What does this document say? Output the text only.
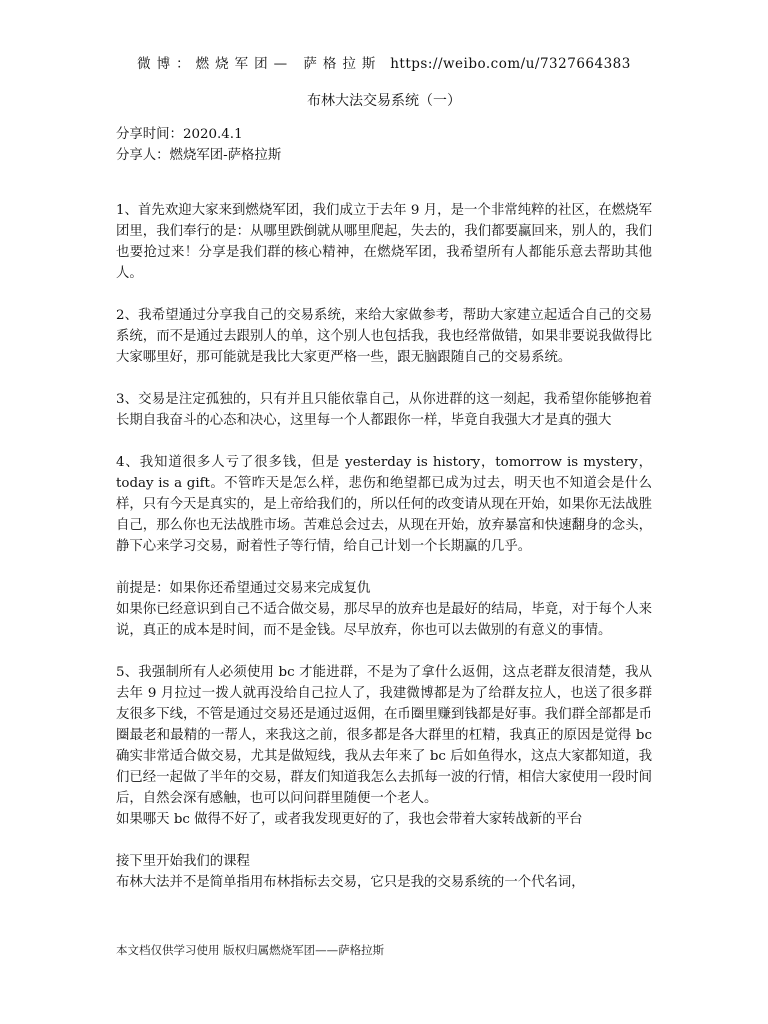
微博：燃烧军团— 萨格拉斯 https://weibo.com/u/7327664383
布林大法交易系统（一）

分享时间：2020.4.1

分享人：燃烧军团-萨格拉斯

1、首先欢迎大家来到燃烧军团，我们成立于去年 9 月，是一个非常纯粹的社区，在燃烧军团里，我们奉行的是：从哪里跌倒就从哪里爬起，失去的，我们都要赢回来，别人的，我们也要抢过来！分享是我们群的核心精神，在燃烧军团，我希望所有人都能乐意去帮助其他人。

2、我希望通过分享我自己的交易系统，来给大家做参考，帮助大家建立起适合自己的交易系统，而不是通过去跟别人的单，这个别人也包括我，我也经常做错，如果非要说我做得比大家哪里好，那可能就是我比大家更严格一些，跟无脑跟随自己的交易系统。

3、交易是注定孤独的，只有并且只能依靠自己，从你进群的这一刻起，我希望你能够抱着长期自我奋斗的心态和决心，这里每一个人都跟你一样，毕竟自我强大才是真的强大

4、我知道很多人亏了很多钱，但是 yesterday is history，tomorrow is mystery，today is a gift。不管昨天是怎么样，悲伤和绝望都已成为过去，明天也不知道会是什么样，只有今天是真实的，是上帝给我们的，所以任何的改变请从现在开始，如果你无法战胜自己，那么你也无法战胜市场。苦难总会过去，从现在开始，放弃暴富和快速翻身的念头，静下心来学习交易，耐着性子等行情，给自己计划一个长期赢的几乎。

前提是：如果你还希望通过交易来完成复仇

如果你已经意识到自己不适合做交易，那尽早的放弃也是最好的结局，毕竟，对于每个人来说，真正的成本是时间，而不是金钱。尽早放弃，你也可以去做别的有意义的事情。

5、我强制所有人必须使用 bc 才能进群，不是为了拿什么返佣，这点老群友很清楚，我从去年 9 月拉过一拨人就再没给自己拉人了，我建微博都是为了给群友拉人，也送了很多群友很多下线，不管是通过交易还是通过返佣，在币圈里赚到钱都是好事。我们群全部都是币圈最老和最精的一帮人，来我这之前，很多都是各大群里的杠精，我真正的原因是觉得 bc 确实非常适合做交易，尤其是做短线，我从去年来了 bc 后如鱼得水，这点大家都知道，我们已经一起做了半年的交易，群友们知道我怎么去抓每一波的行情，相信大家使用一段时间后，自然会深有感触，也可以问问群里随便一个老人。

如果哪天 bc 做得不好了，或者我发现更好的了，我也会带着大家转战新的平台

接下里开始我们的课程

布林大法并不是简单指用布林指标去交易，它只是我的交易系统的一个代名词，

本文档仅供学习使用 版权归属燃烧军团——萨格拉斯
